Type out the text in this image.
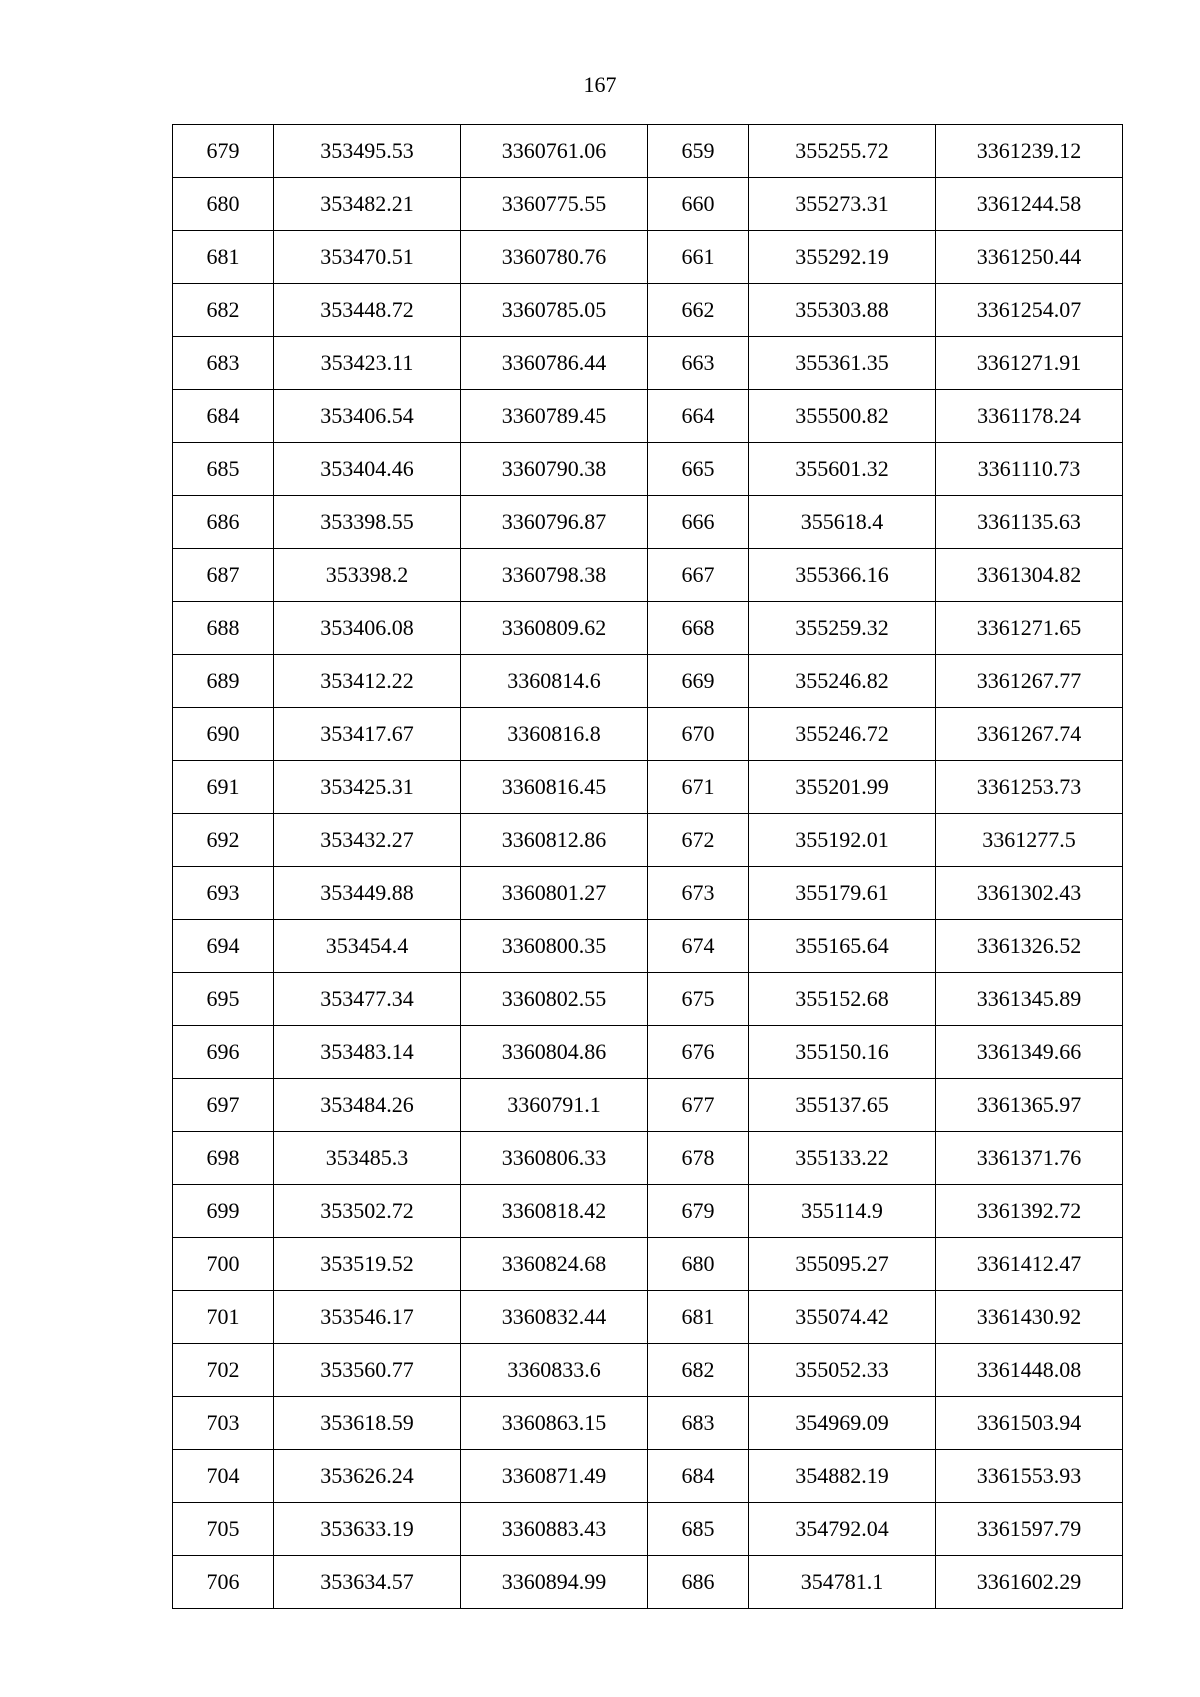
167
679	353495.53	3360761.06	659	355255.72	3361239.12
680	353482.21	3360775.55	660	355273.31	3361244.58
681	353470.51	3360780.76	661	355292.19	3361250.44
682	353448.72	3360785.05	662	355303.88	3361254.07
683	353423.11	3360786.44	663	355361.35	3361271.91
684	353406.54	3360789.45	664	355500.82	3361178.24
685	353404.46	3360790.38	665	355601.32	3361110.73
686	353398.55	3360796.87	666	355618.4	3361135.63
687	353398.2	3360798.38	667	355366.16	3361304.82
688	353406.08	3360809.62	668	355259.32	3361271.65
689	353412.22	3360814.6	669	355246.82	3361267.77
690	353417.67	3360816.8	670	355246.72	3361267.74
691	353425.31	3360816.45	671	355201.99	3361253.73
692	353432.27	3360812.86	672	355192.01	3361277.5
693	353449.88	3360801.27	673	355179.61	3361302.43
694	353454.4	3360800.35	674	355165.64	3361326.52
695	353477.34	3360802.55	675	355152.68	3361345.89
696	353483.14	3360804.86	676	355150.16	3361349.66
697	353484.26	3360791.1	677	355137.65	3361365.97
698	353485.3	3360806.33	678	355133.22	3361371.76
699	353502.72	3360818.42	679	355114.9	3361392.72
700	353519.52	3360824.68	680	355095.27	3361412.47
701	353546.17	3360832.44	681	355074.42	3361430.92
702	353560.77	3360833.6	682	355052.33	3361448.08
703	353618.59	3360863.15	683	354969.09	3361503.94
704	353626.24	3360871.49	684	354882.19	3361553.93
705	353633.19	3360883.43	685	354792.04	3361597.79
706	353634.57	3360894.99	686	354781.1	3361602.29
